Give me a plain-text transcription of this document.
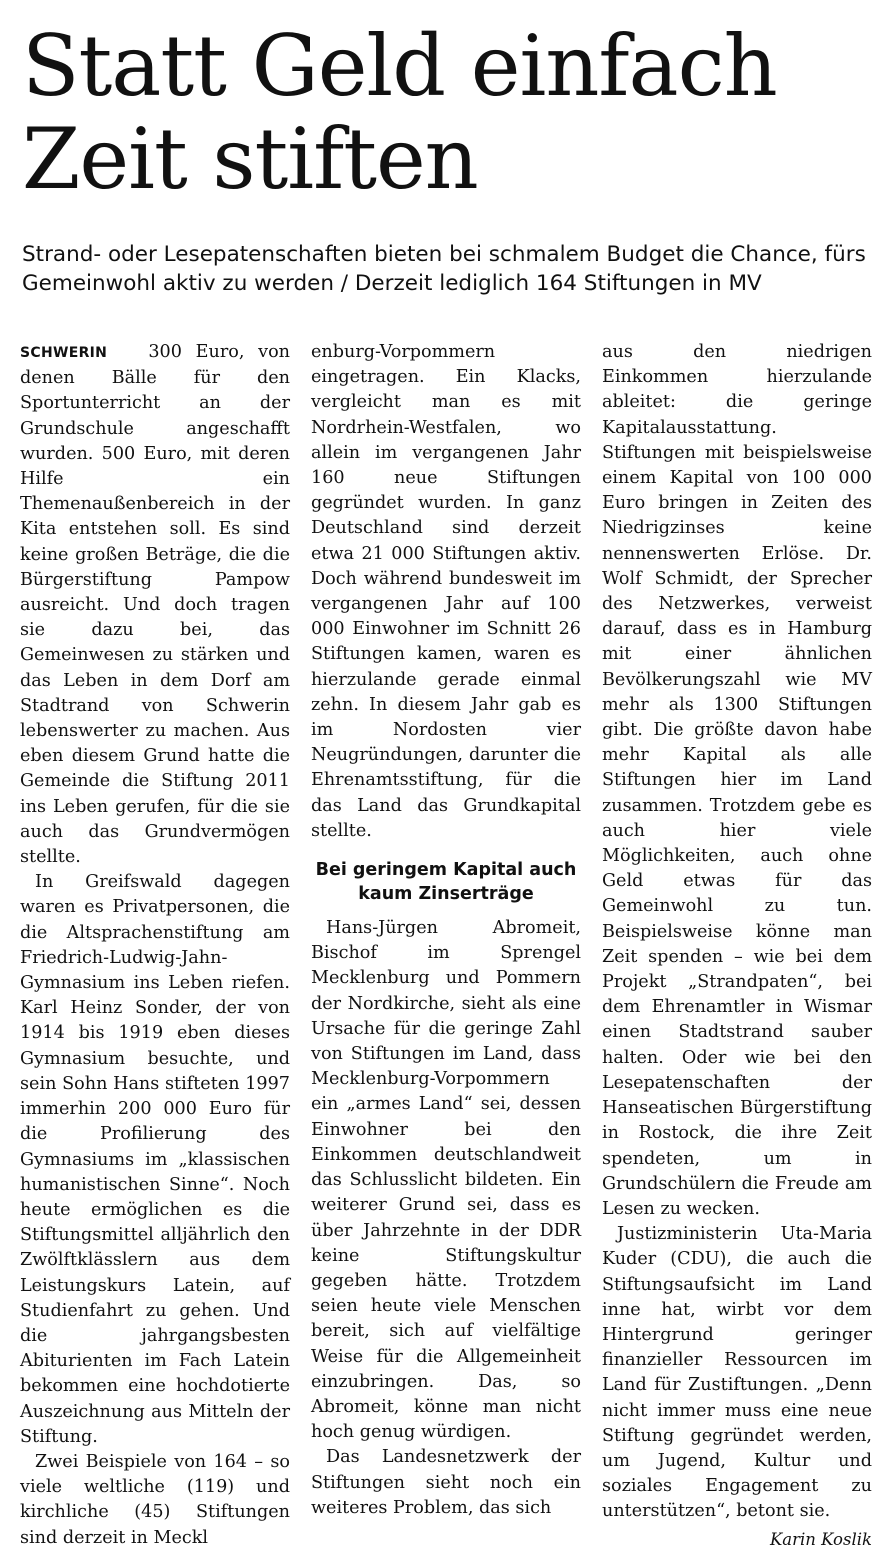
Statt Geld einfach Zeit stiften

Strand- oder Lesepatenschaften bieten bei schmalem Budget die Chance, fürs Gemeinwohl aktiv zu werden / Derzeit lediglich 164 Stiftungen in MV

SCHWERIN 300 Euro, von denen Bälle für den Sportunterricht an der Grundschule angeschafft wurden. 500 Euro, mit deren Hilfe ein Themenaußenbereich in der Kita entstehen soll. Es sind keine großen Beträge, die die Bürgerstiftung Pampow ausreicht. Und doch tragen sie dazu bei, das Gemeinwesen zu stärken und das Leben in dem Dorf am Stadtrand von Schwerin lebenswerter zu machen. Aus eben diesem Grund hatte die Gemeinde die Stiftung 2011 ins Leben gerufen, für die sie auch das Grundvermögen stellte.

In Greifswald dagegen waren es Privatpersonen, die die Altsprachenstiftung am Friedrich-Ludwig-Jahn-Gymnasium ins Leben riefen. Karl Heinz Sonder, der von 1914 bis 1919 eben dieses Gymnasium besuchte, und sein Sohn Hans stifteten 1997 immerhin 200 000 Euro für die Profilierung des Gymnasiums im „klassischen humanistischen Sinne“. Noch heute ermöglichen es die Stiftungsmittel alljährlich den Zwölftklässlern aus dem Leistungskurs Latein, auf Studienfahrt zu gehen. Und die jahrgangsbesten Abiturienten im Fach Latein bekommen eine hochdotierte Auszeichnung aus Mitteln der Stiftung.

Zwei Beispiele von 164 – so viele weltliche (119) und kirchliche (45) Stiftungen sind derzeit in Meckl

enburg-Vorpommern eingetragen. Ein Klacks, vergleicht man es mit Nordrhein-Westfalen, wo allein im vergangenen Jahr 160 neue Stiftungen gegründet wurden. In ganz Deutschland sind derzeit etwa 21 000 Stiftungen aktiv. Doch während bundesweit im vergangenen Jahr auf 100 000 Einwohner im Schnitt 26 Stiftungen kamen, waren es hierzulande gerade einmal zehn. In diesem Jahr gab es im Nordosten vier Neugründungen, darunter die Ehrenamtsstiftung, für die das Land das Grundkapital stellte.

Bei geringem Kapital auch kaum Zinserträge

Hans-Jürgen Abromeit, Bischof im Sprengel Mecklenburg und Pommern der Nordkirche, sieht als eine Ursache für die geringe Zahl von Stiftungen im Land, dass Mecklenburg-Vorpommern ein „armes Land“ sei, dessen Einwohner bei den Einkommen deutschlandweit das Schlusslicht bildeten. Ein weiterer Grund sei, dass es über Jahrzehnte in der DDR keine Stiftungskultur gegeben hätte. Trotzdem seien heute viele Menschen bereit, sich auf vielfältige Weise für die Allgemeinheit einzubringen. Das, so Abromeit, könne man nicht hoch genug würdigen.

Das Landesnetzwerk der Stiftungen sieht noch ein weiteres Problem, das sich

aus den niedrigen Einkommen hierzulande ableitet: die geringe Kapitalausstattung. Stiftungen mit beispielsweise einem Kapital von 100 000 Euro bringen in Zeiten des Niedrigzinses keine nennenswerten Erlöse. Dr. Wolf Schmidt, der Sprecher des Netzwerkes, verweist darauf, dass es in Hamburg mit einer ähnlichen Bevölkerungszahl wie MV mehr als 1300 Stiftungen gibt. Die größte davon habe mehr Kapital als alle Stiftungen hier im Land zusammen. Trotzdem gebe es auch hier viele Möglichkeiten, auch ohne Geld etwas für das Gemeinwohl zu tun. Beispielsweise könne man Zeit spenden – wie bei dem Projekt „Strandpaten“, bei dem Ehrenamtler in Wismar einen Stadtstrand sauber halten. Oder wie bei den Lesepatenschaften der Hanseatischen Bürgerstiftung in Rostock, die ihre Zeit spendeten, um in Grundschülern die Freude am Lesen zu wecken.

Justizministerin Uta-Maria Kuder (CDU), die auch die Stiftungsaufsicht im Land inne hat, wirbt vor dem Hintergrund geringer finanzieller Ressourcen im Land für Zustiftungen. „Denn nicht immer muss eine neue Stiftung gegründet werden, um Jugend, Kultur und soziales Engagement zu unterstützen“, betont sie.

Karin Koslik
